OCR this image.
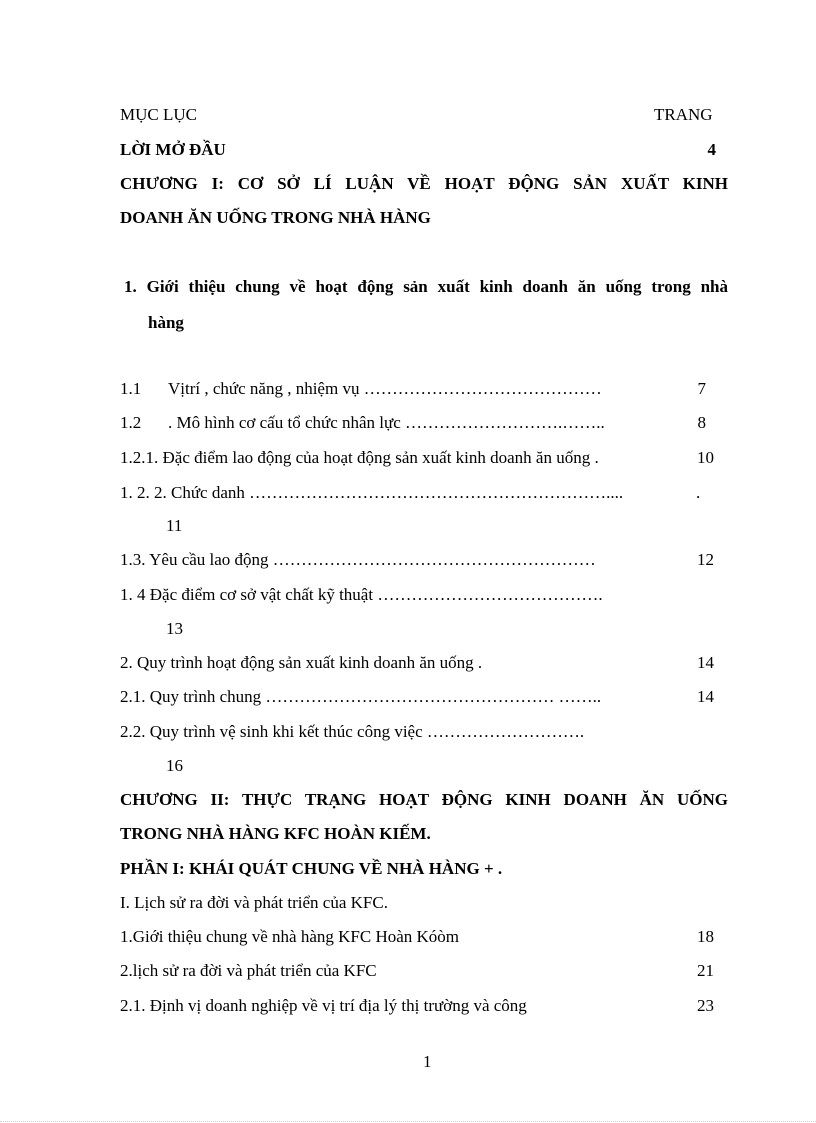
MỤC LỤC	TRANG
LỜI MỞ ĐẦU	4
CHƯƠNG I: CƠ SỞ LÍ LUẬN VỀ HOẠT ĐỘNG SẢN XUẤT KINH
DOANH ĂN UỐNG TRONG NHÀ HÀNG
1. Giới thiệu chung về hoạt động sản xuất kinh doanh ăn uống trong nhà
hàng
1.1 Vịtrí , chức năng , nhiệm vụ ……………………………………	7
1.2 . Mô hình cơ cấu tổ chức nhân lực ……………………….……..	8
1.2.1. Đặc điểm lao động của hoạt động sản xuất kinh doanh ăn uống .	10
1. 2. 2. Chức danh ………………………………………………………....	.
11
1.3. Yêu cầu lao động …………………………………………………	12
1. 4 Đặc điểm cơ sở vật chất kỹ thuật ………………………………….
13
2. Quy trình hoạt động sản xuất kinh doanh ăn uống .	14
2.1. Quy trình chung …………………………………………… ……..	14
2.2. Quy trình vệ sinh khi kết thúc công việc ……………………….
16
CHƯƠNG II: THỰC TRẠNG HOẠT ĐỘNG KINH DOANH ĂN UỐNG
TRONG NHÀ HÀNG KFC HOÀN KIẾM.
PHẦN I: KHÁI QUÁT CHUNG VỀ NHÀ HÀNG + .
I. Lịch sử ra đời và phát triển của KFC.
1.Giới thiệu chung về nhà hàng KFC Hoàn Kóòm	18
2.lịch sử ra đời và phát triển của KFC	21
2.1. Định vị doanh nghiệp về vị trí địa lý thị trường và công	23
1
